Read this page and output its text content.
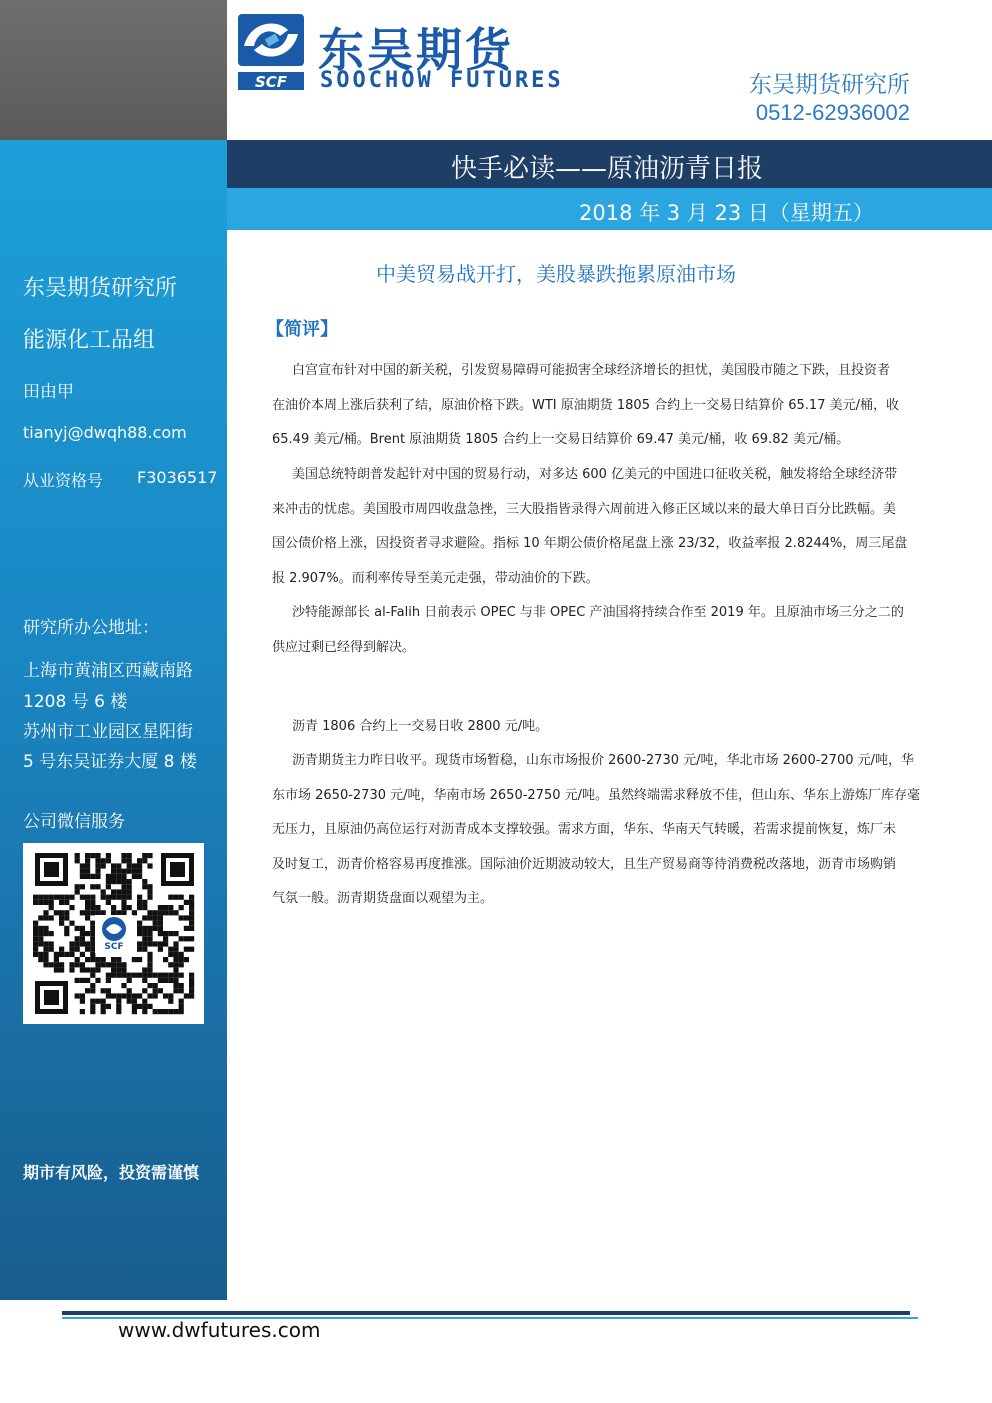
东吴期货研究所
能源化工品组
田由甲
tianyj@dwqh88.com
从业资格号 F3036517
研究所办公地址：
上海市黄浦区西藏南路
1208 号 6 楼
苏州市工业园区星阳街
5 号东吴证券大厦 8 楼
公司微信服务
期市有风险，投资需谨慎
SCF
SCF
东吴期货
SOOCHOW FUTURES	东吴期货研究所
0512-62936002
快手必读——原油沥青日报
2018 年 3 月 23 日（星期五）
中美贸易战开打，美股暴跌拖累原油市场
【简评】
白宫宣布针对中国的新关税，引发贸易障碍可能损害全球经济增长的担忧，美国股市随之下跌，且投资者
在油价本周上涨后获利了结，原油价格下跌。WTI 原油期货 1805 合约上一交易日结算价 65.17 美元/桶，收
65.49 美元/桶。Brent 原油期货 1805 合约上一交易日结算价 69.47 美元/桶，收 69.82 美元/桶。
美国总统特朗普发起针对中国的贸易行动，对多达 600 亿美元的中国进口征收关税，触发将给全球经济带
来冲击的忧虑。美国股市周四收盘急挫，三大股指皆录得六周前进入修正区域以来的最大单日百分比跌幅。美
国公债价格上涨，因投资者寻求避险。指标 10 年期公债价格尾盘上涨 23/32，收益率报 2.8244%，周三尾盘
报 2.907%。而利率传导至美元走强，带动油价的下跌。
沙特能源部长 al-Falih 日前表示 OPEC 与非 OPEC 产油国将持续合作至 2019 年。且原油市场三分之二的
供应过剩已经得到解决。
沥青 1806 合约上一交易日收 2800 元/吨。
沥青期货主力昨日收平。现货市场暂稳，山东市场报价 2600-2730 元/吨，华北市场 2600-2700 元/吨，华
东市场 2650-2730 元/吨，华南市场 2650-2750 元/吨。虽然终端需求释放不佳，但山东、华东上游炼厂库存毫
无压力，且原油仍高位运行对沥青成本支撑较强。需求方面，华东、华南天气转暖，若需求提前恢复，炼厂未
及时复工，沥青价格容易再度推涨。国际油价近期波动较大，且生产贸易商等待消费税改落地，沥青市场购销
气氛一般。沥青期货盘面以观望为主。
www.dwfutures.com
